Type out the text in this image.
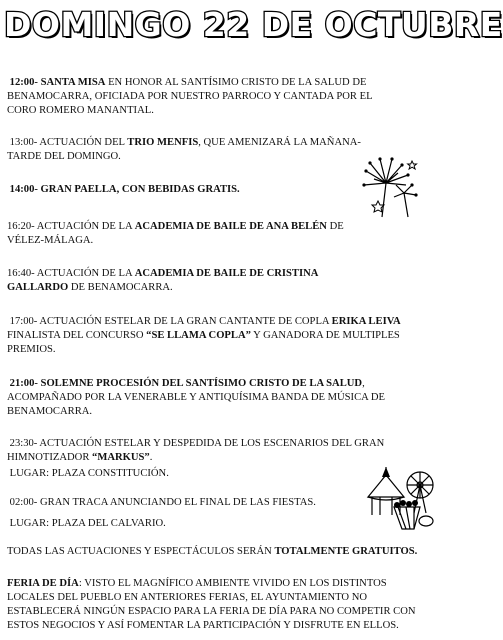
DOMINGO 22 DE OCTUBRE

12:00- SANTA MISA EN HONOR AL SANTÍSIMO CRISTO DE LA SALUD DE BENAMOCARRA, OFICIADA POR NUESTRO PARROCO Y CANTADA POR EL CORO ROMERO MANANTIAL.

13:00- ACTUACIÓN DEL TRIO MENFIS, QUE AMENIZARÁ LA MAÑANA-TARDE DEL DOMINGO.

14:00- GRAN PAELLA, CON BEBIDAS GRATIS.

16:20- ACTUACIÓN DE LA ACADEMIA DE BAILE DE ANA BELÉN DE VÉLEZ-MÁLAGA.

16:40- ACTUACIÓN DE LA ACADEMIA DE BAILE DE CRISTINA GALLARDO DE BENAMOCARRA.

17:00- ACTUACIÓN ESTELAR DE LA GRAN CANTANTE DE COPLA ERIKA LEIVA FINALISTA DEL CONCURSO “SE LLAMA COPLA” Y GANADORA DE MULTIPLES PREMIOS.

21:00- SOLEMNE PROCESIÓN DEL SANTÍSIMO CRISTO DE LA SALUD, ACOMPAÑADO POR LA VENERABLE Y ANTIQUÍSIMA BANDA DE MÚSICA DE BENAMOCARRA.

23:30- ACTUACIÓN ESTELAR Y DESPEDIDA DE LOS ESCENARIOS DEL GRAN HIMNOTIZADOR “MARKUS”.

LUGAR: PLAZA CONSTITUCIÓN.

02:00- GRAN TRACA ANUNCIANDO EL FINAL DE LAS FIESTAS.

LUGAR: PLAZA DEL CALVARIO.

TODAS LAS ACTUACIONES Y ESPECTÁCULOS SERÁN TOTALMENTE GRATUITOS.

FERIA DE DÍA: VISTO EL MAGNÍFICO AMBIENTE VIVIDO EN LOS DISTINTOS LOCALES DEL PUEBLO EN ANTERIORES FERIAS, EL AYUNTAMIENTO NO ESTABLECERÁ NINGÚN ESPACIO PARA LA FERIA DE DÍA PARA NO COMPETIR CON ESTOS NEGOCIOS Y ASÍ FOMENTAR LA PARTICIPACIÓN Y DISFRUTE EN ELLOS.
